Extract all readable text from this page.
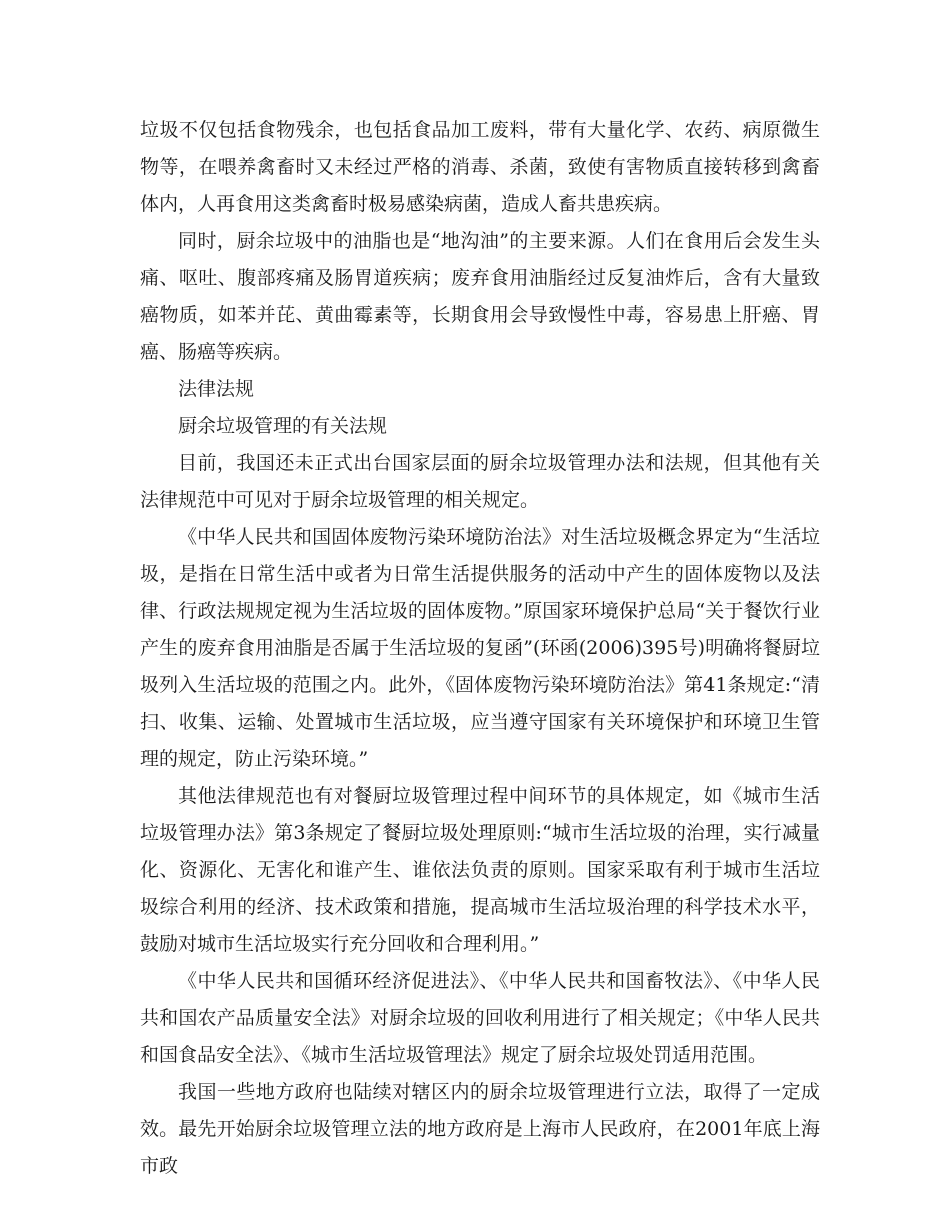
垃圾不仅包括食物残余，也包括食品加工废料，带有大量化学、农药、病原微生物等，在喂养禽畜时又未经过严格的消毒、杀菌，致使有害物质直接转移到禽畜体内，人再食用这类禽畜时极易感染病菌，造成人畜共患疾病。

同时，厨余垃圾中的油脂也是“地沟油”的主要来源。人们在食用后会发生头痛、呕吐、腹部疼痛及肠胃道疾病；废弃食用油脂经过反复油炸后，含有大量致癌物质，如苯并芘、黄曲霉素等，长期食用会导致慢性中毒，容易患上肝癌、胃癌、肠癌等疾病。

法律法规

厨余垃圾管理的有关法规

目前，我国还未正式出台国家层面的厨余垃圾管理办法和法规，但其他有关法律规范中可见对于厨余垃圾管理的相关规定。

《中华人民共和国固体废物污染环境防治法》对生活垃圾概念界定为“生活垃圾，是指在日常生活中或者为日常生活提供服务的活动中产生的固体废物以及法律、行政法规规定视为生活垃圾的固体废物。”原国家环境保护总局“关于餐饮行业产生的废弃食用油脂是否属于生活垃圾的复函”(环函(2006)395号)明确将餐厨垃圾列入生活垃圾的范围之内。此外，《固体废物污染环境防治法》第41条规定:“清扫、收集、运输、处置城市生活垃圾，应当遵守国家有关环境保护和环境卫生管理的规定，防止污染环境。”

其他法律规范也有对餐厨垃圾管理过程中间环节的具体规定，如《城市生活垃圾管理办法》第3条规定了餐厨垃圾处理原则:“城市生活垃圾的治理，实行减量化、资源化、无害化和谁产生、谁依法负责的原则。国家采取有利于城市生活垃圾综合利用的经济、技术政策和措施，提高城市生活垃圾治理的科学技术水平，鼓励对城市生活垃圾实行充分回收和合理利用。”

《中华人民共和国循环经济促进法》、《中华人民共和国畜牧法》、《中华人民共和国农产品质量安全法》对厨余垃圾的回收利用进行了相关规定；《中华人民共和国食品安全法》、《城市生活垃圾管理法》规定了厨余垃圾处罚适用范围。

我国一些地方政府也陆续对辖区内的厨余垃圾管理进行立法，取得了一定成效。最先开始厨余垃圾管理立法的地方政府是上海市人民政府，在2001年底上海市政
